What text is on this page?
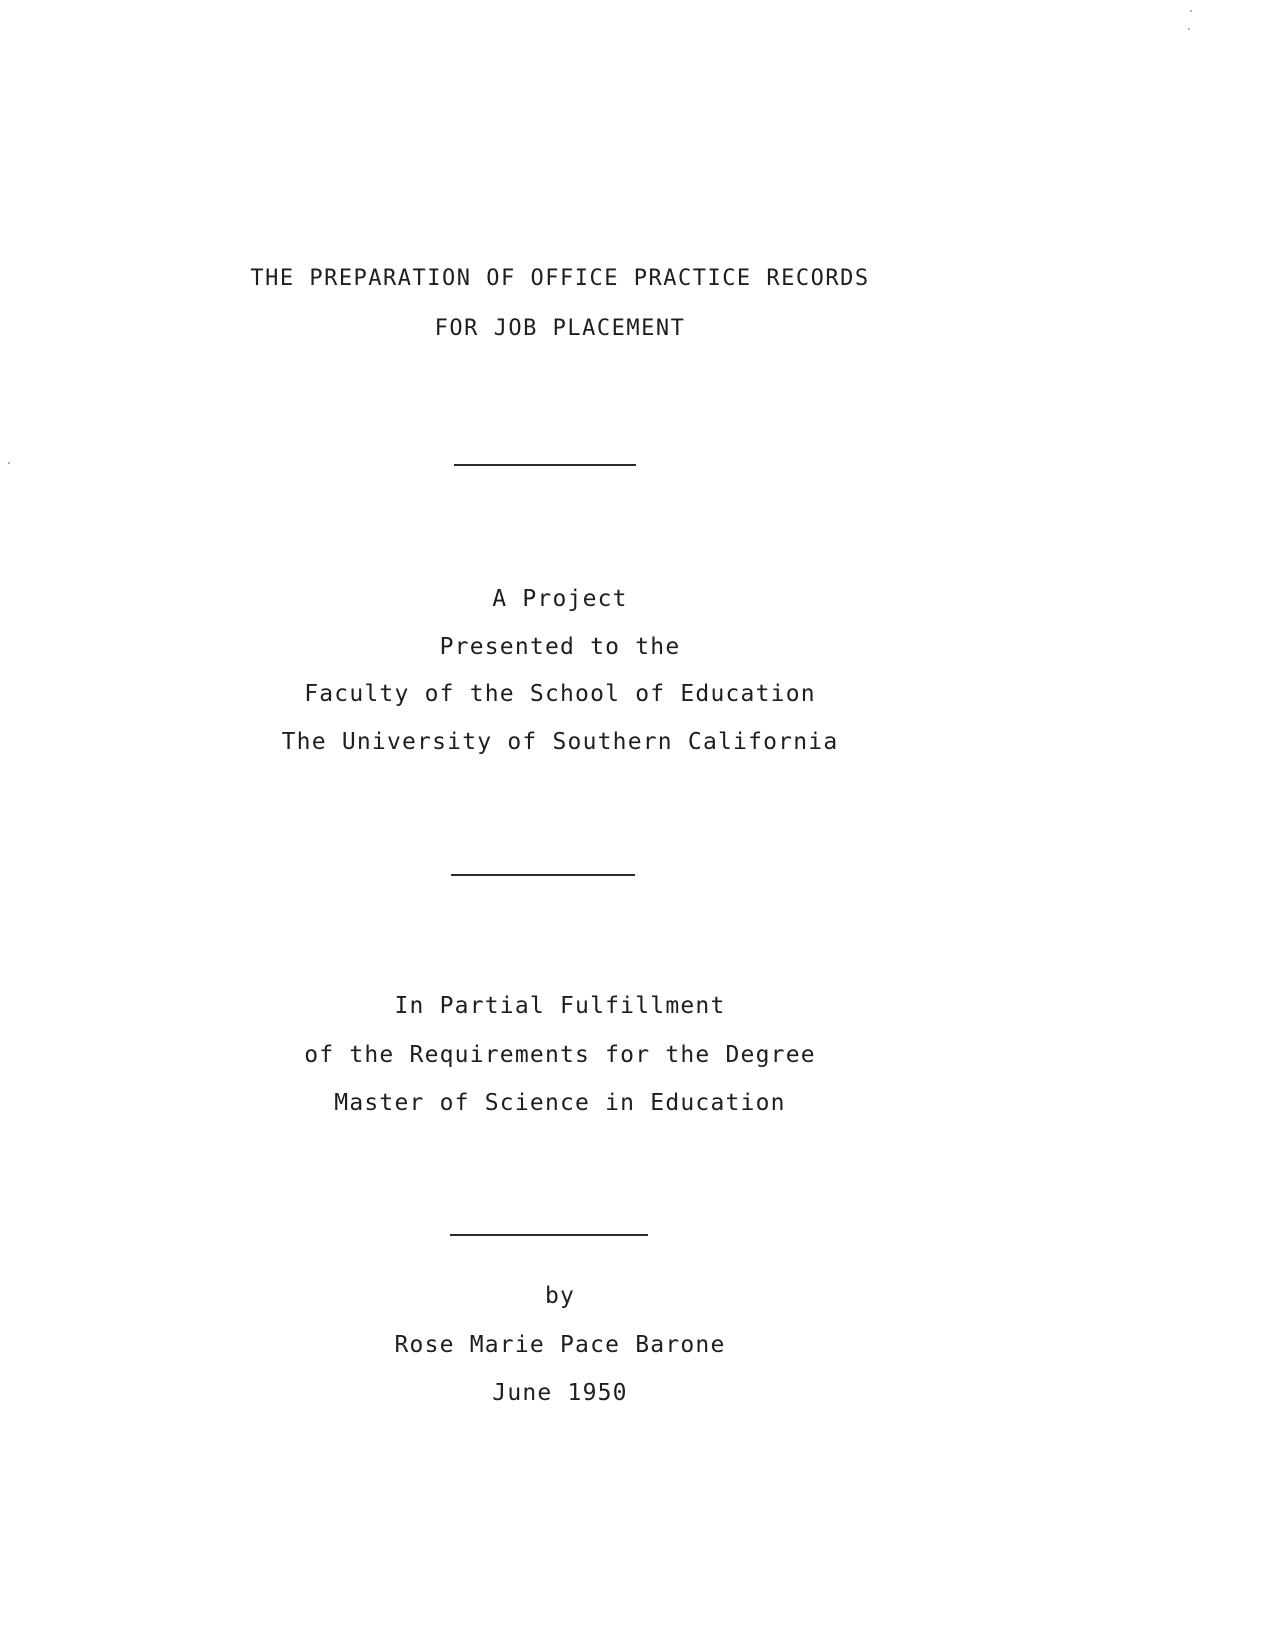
THE PREPARATION OF OFFICE PRACTICE RECORDS
FOR JOB PLACEMENT
A Project
Presented to the
Faculty of the School of Education
The University of Southern California
In Partial Fulfillment
of the Requirements for the Degree
Master of Science in Education
by
Rose Marie Pace Barone
June 1950
